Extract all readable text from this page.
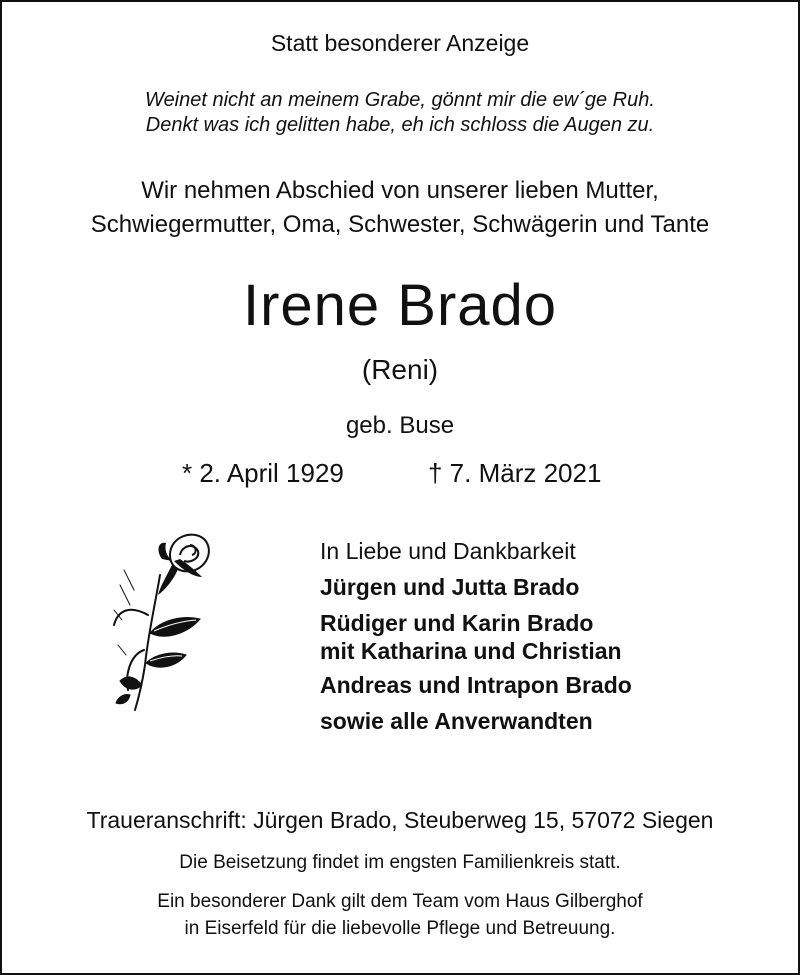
Statt besonderer Anzeige
Weinet nicht an meinem Grabe, gönnt mir die ew´ge Ruh.
Denkt was ich gelitten habe, eh ich schloss die Augen zu.
Wir nehmen Abschied von unserer lieben Mutter,
Schwiegermutter, Oma, Schwester, Schwägerin und Tante
Irene Brado
(Reni)
geb. Buse
* 2. April 1929	† 7. März 2021
In Liebe und Dankbarkeit
Jürgen und Jutta Brado
Rüdiger und Karin Brado
mit Katharina und Christian
Andreas und Intrapon Brado
sowie alle Anverwandten
Traueranschrift: Jürgen Brado, Steuberweg 15, 57072 Siegen
Die Beisetzung findet im engsten Familienkreis statt.
Ein besonderer Dank gilt dem Team vom Haus Gilberghof
in Eiserfeld für die liebevolle Pflege und Betreuung.
